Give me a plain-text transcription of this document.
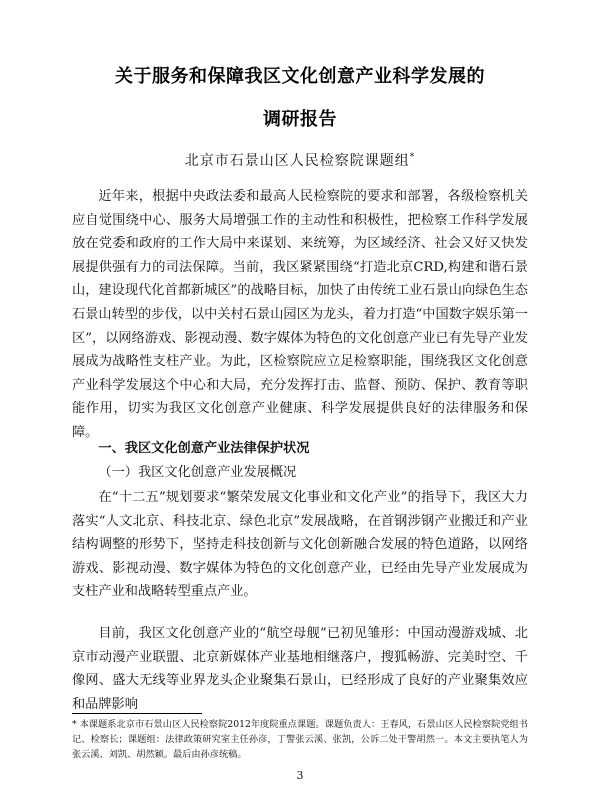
关于服务和保障我区文化创意产业科学发展的
调研报告
北京市石景山区人民检察院课题组*

近年来，根据中央政法委和最高人民检察院的要求和部署，各级检察机关应自觉围绕中心、服务大局增强工作的主动性和积极性，把检察工作科学发展放在党委和政府的工作大局中来谋划、来统筹，为区域经济、社会又好又快发展提供强有力的司法保障。当前，我区紧紧围绕“打造北京CRD,构建和谐石景山，建设现代化首都新城区”的战略目标，加快了由传统工业石景山向绿色生态石景山转型的步伐，以中关村石景山园区为龙头，着力打造“中国数字娱乐第一区”，以网络游戏、影视动漫、数字媒体为特色的文化创意产业已有先导产业发展成为战略性支柱产业。为此，区检察院应立足检察职能，围绕我区文化创意产业科学发展这个中心和大局，充分发挥打击、监督、预防、保护、教育等职能作用，切实为我区文化创意产业健康、科学发展提供良好的法律服务和保障。

一、我区文化创意产业法律保护状况
（一）我区文化创意产业发展概况

在“十二五”规划要求“繁荣发展文化事业和文化产业”的指导下，我区大力落实“人文北京、科技北京、绿色北京”发展战略，在首钢涉钢产业搬迁和产业结构调整的形势下，坚持走科技创新与文化创新融合发展的特色道路，以网络游戏、影视动漫、数字媒体为特色的文化创意产业，已经由先导产业发展成为支柱产业和战略转型重点产业。

目前，我区文化创意产业的“航空母舰”已初见雏形：中国动漫游戏城、北京市动漫产业联盟、北京新媒体产业基地相继落户，搜狐畅游、完美时空、千像网、盛大无线等业界龙头企业聚集石景山，已经形成了良好的产业聚集效应和品牌影响

* 本课题系北京市石景山区人民检察院2012年度院重点课题。课题负责人：王春风，石景山区人民检察院党组书记、检察长；课题组：法律政策研究室主任孙彦，丁警张云溪、张凯，公诉二处干警胡然一。本文主要执笔人为张云溪、刘凯、胡然颖。最后由孙彦统稿。
3
